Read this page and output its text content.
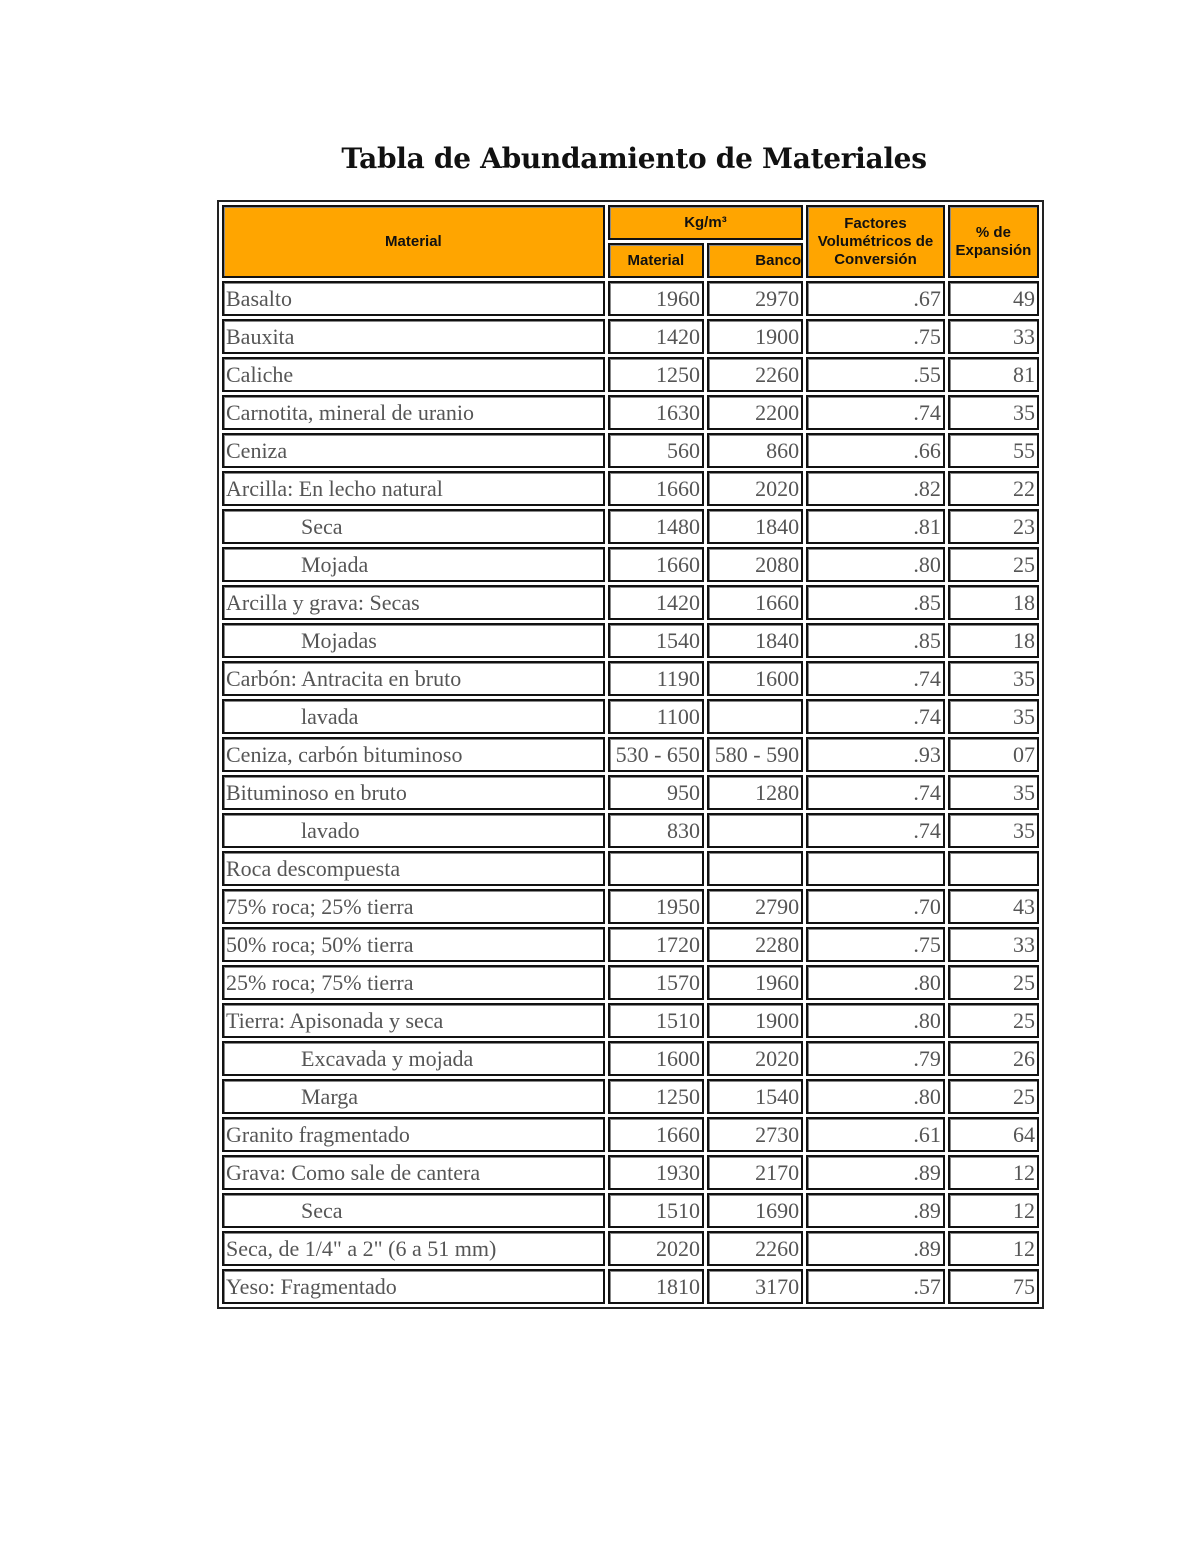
Tabla de Abundamiento de Materiales
Material	Kg/m³		Factores Volumétricos de Conversión	% de Expansión
	Material	Banco		
Basalto	1960	2970	.67	49
Bauxita	1420	1900	.75	33
Caliche	1250	2260	.55	81
Carnotita, mineral de uranio	1630	2200	.74	35
Ceniza	560	860	.66	55
Arcilla: En lecho natural	1660	2020	.82	22
Seca	1480	1840	.81	23
Mojada	1660	2080	.80	25
Arcilla y grava: Secas	1420	1660	.85	18
Mojadas	1540	1840	.85	18
Carbón: Antracita en bruto	1190	1600	.74	35
lavada	1100		.74	35
Ceniza, carbón bituminoso	530 - 650	580 - 590	.93	07
Bituminoso en bruto	950	1280	.74	35
lavado	830		.74	35
Roca descompuesta				
75% roca; 25% tierra	1950	2790	.70	43
50% roca; 50% tierra	1720	2280	.75	33
25% roca; 75% tierra	1570	1960	.80	25
Tierra: Apisonada y seca	1510	1900	.80	25
Excavada y mojada	1600	2020	.79	26
Marga	1250	1540	.80	25
Granito fragmentado	1660	2730	.61	64
Grava: Como sale de cantera	1930	2170	.89	12
Seca	1510	1690	.89	12
Seca, de 1/4" a 2" (6 a 51 mm)	2020	2260	.89	12
Yeso: Fragmentado	1810	3170	.57	75
